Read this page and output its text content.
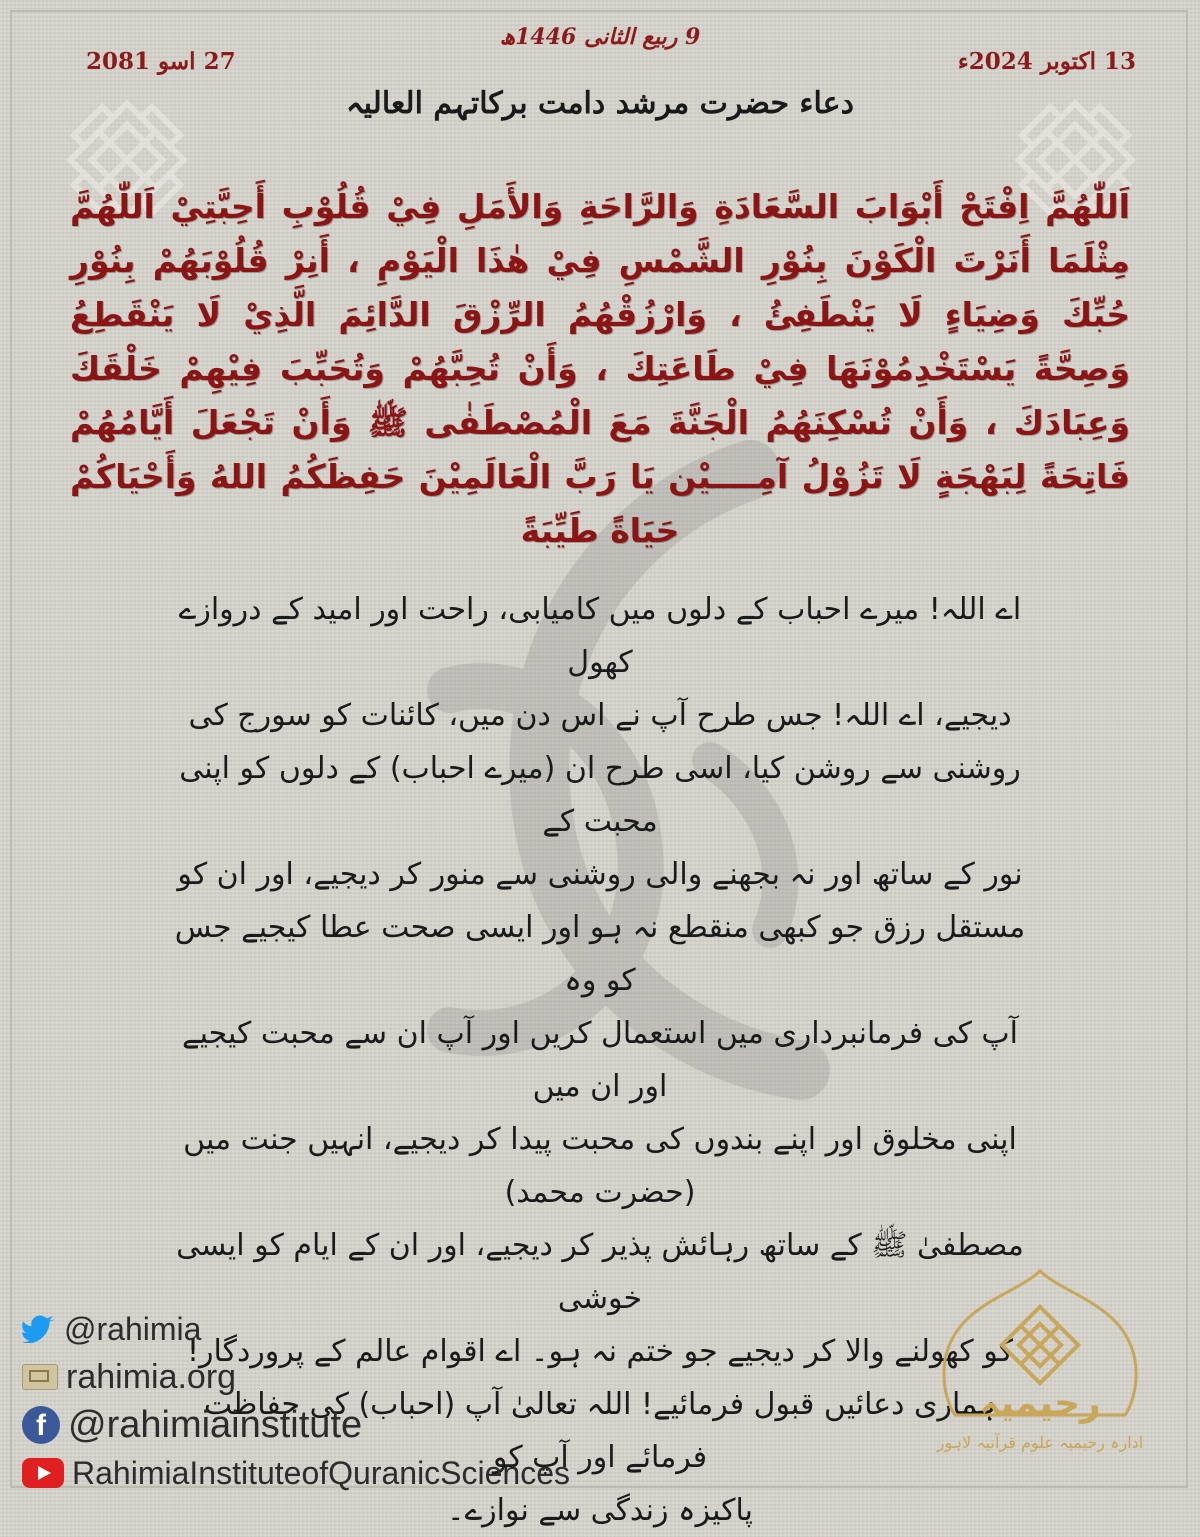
9 ربیع الثانی 1446ھ
13 اکتوبر 2024ء
27 اسو 2081
دعاء حضرت مرشد دامت برکاتہم العالیہ
اَللّٰهُمَّ اِفْتَحْ أَبْوَابَ السَّعَادَةِ وَالرَّاحَةِ وَالأَمَلِ فِيْ قُلُوْبِ أَحِبَّتِيْ اَللّٰهُمَّ مِثْلَمَا أَنَرْتَ الْكَوْنَ بِنُوْرِ الشَّمْسِ فِيْ هٰذَا الْيَوْمِ ، أَنِرْ قُلُوْبَهُمْ بِنُوْرِ حُبِّكَ وَضِيَاءٍ لَا يَنْطَفِئُ ، وَارْزُقْهُمُ الرِّزْقَ الدَّائِمَ الَّذِيْ لَا يَنْقَطِعُ وَصِحَّةً يَسْتَخْدِمُوْنَهَا فِيْ طَاعَتِكَ ، وَأَنْ تُحِبَّهُمْ وَتُحَبِّبَ فِيْهِمْ خَلْقَكَ وَعِبَادَكَ ، وَأَنْ تُسْكِنَهُمُ الْجَنَّةَ مَعَ الْمُصْطَفٰى ﷺ وَأَنْ تَجْعَلَ أَيَّامُهُمْ فَاتِحَةً لِبَهْجَةٍ لَا تَزُوْلُ آمِــــيْن يَا رَبَّ الْعَالَمِيْنَ حَفِظَكُمُ اللهُ وَأَحْيَاكُمْ حَيَاةً طَيِّبَةً
اے اللہ! میرے احباب کے دلوں میں کامیابی، راحت اور امید کے دروازے کھول
دیجیے، اے اللہ! جس طرح آپ نے اس دن میں، کائنات کو سورج کی
روشنی سے روشن کیا، اسی طرح ان (میرے احباب) کے دلوں کو اپنی محبت کے
نور کے ساتھ اور نہ بجھنے والی روشنی سے منور کر دیجیے، اور ان کو
مستقل رزق جو کبھی منقطع نہ ہو اور ایسی صحت عطا کیجیے جس کو وہ
آپ کی فرمانبرداری میں استعمال کریں اور آپ ان سے محبت کیجیے اور ان میں
اپنی مخلوق اور اپنے بندوں کی محبت پیدا کر دیجیے، انہیں جنت میں (حضرت محمد)
مصطفیٰ ﷺ کے ساتھ رہائش پذیر کر دیجیے، اور ان کے ایام کو ایسی خوشی
کو کھولنے والا کر دیجیے جو ختم نہ ہو۔ اے اقوام عالم کے پروردگار!
ہماری دعائیں قبول فرمائیے! اللہ تعالیٰ آپ (احباب) کی حفاظت فرمائے اور آپ کو
پاکیزہ زندگی سے نوازے۔
@rahimia
rahimia.org
f @rahimiainstitute
RahimiaInstituteofQuranicSciences
رحیمیہ
ادارہ رحیمیہ علوم قرآنیہ لاہور
